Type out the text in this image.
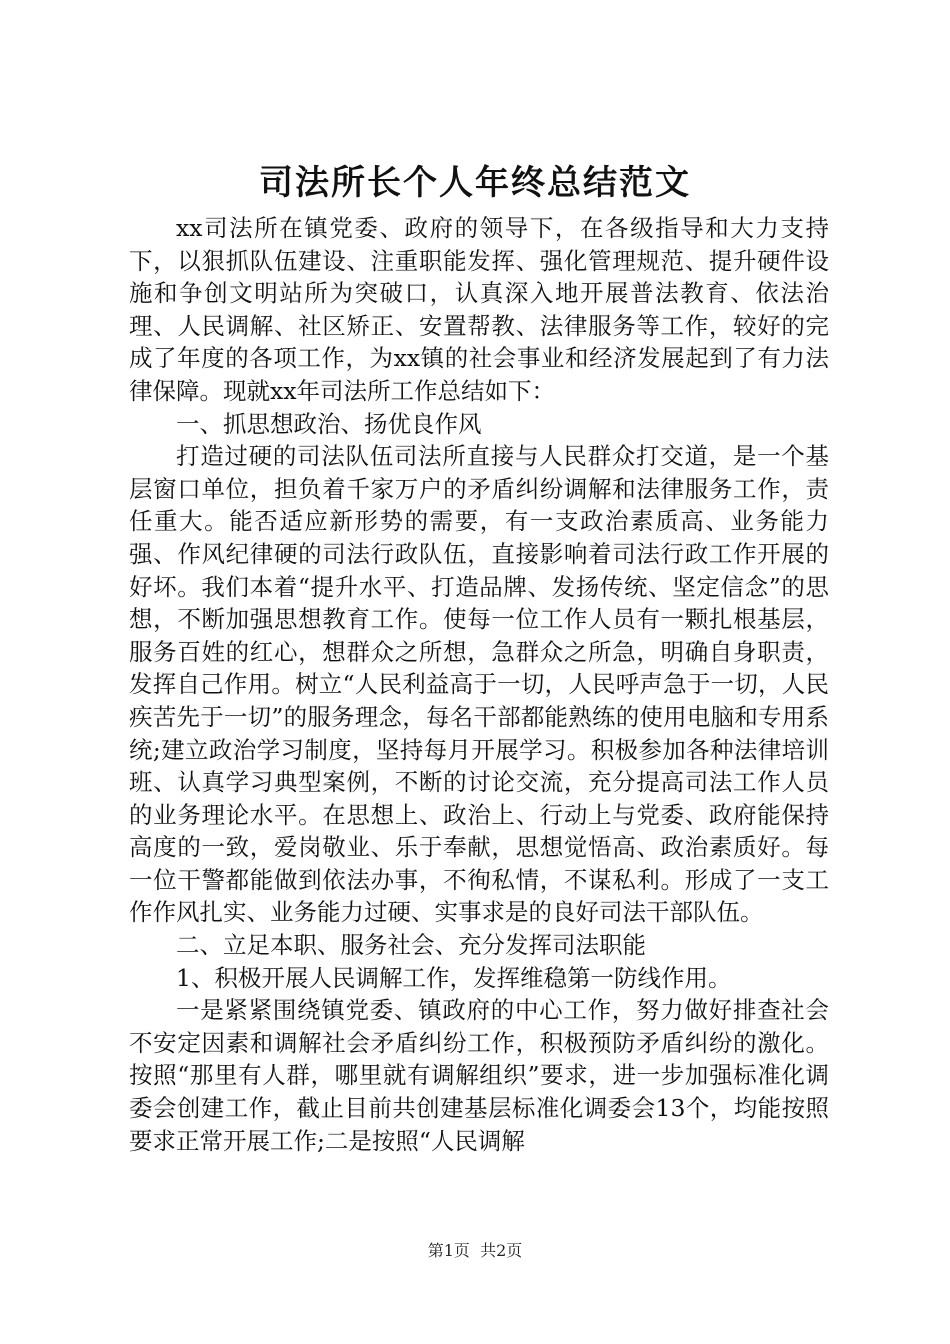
司法所长个人年终总结范文

xx司法所在镇党委、政府的领导下，在各级指导和大力支持下，以狠抓队伍建设、注重职能发挥、强化管理规范、提升硬件设施和争创文明站所为突破口，认真深入地开展普法教育、依法治理、人民调解、社区矫正、安置帮教、法律服务等工作，较好的完成了年度的各项工作，为xx镇的社会事业和经济发展起到了有力法律保障。现就xx年司法所工作总结如下：

一、抓思想政治、扬优良作风

打造过硬的司法队伍司法所直接与人民群众打交道，是一个基层窗口单位，担负着千家万户的矛盾纠纷调解和法律服务工作，责任重大。能否适应新形势的需要，有一支政治素质高、业务能力强、作风纪律硬的司法行政队伍，直接影响着司法行政工作开展的好坏。我们本着“提升水平、打造品牌、发扬传统、坚定信念”的思想，不断加强思想教育工作。使每一位工作人员有一颗扎根基层，服务百姓的红心，想群众之所想，急群众之所急，明确自身职责，发挥自己作用。树立“人民利益高于一切，人民呼声急于一切，人民疾苦先于一切”的服务理念，每名干部都能熟练的使用电脑和专用系统;建立政治学习制度，坚持每月开展学习。积极参加各种法律培训班、认真学习典型案例，不断的讨论交流，充分提高司法工作人员的业务理论水平。在思想上、政治上、行动上与党委、政府能保持高度的一致，爱岗敬业、乐于奉献，思想觉悟高、政治素质好。每一位干警都能做到依法办事，不徇私情，不谋私利。形成了一支工作作风扎实、业务能力过硬、实事求是的良好司法干部队伍。

二、立足本职、服务社会、充分发挥司法职能

1、积极开展人民调解工作，发挥维稳第一防线作用。

一是紧紧围绕镇党委、镇政府的中心工作，努力做好排查社会不安定因素和调解社会矛盾纠纷工作，积极预防矛盾纠纷的激化。按照“那里有人群，哪里就有调解组织”要求，进一步加强标准化调委会创建工作，截止目前共创建基层标准化调委会13个，均能按照要求正常开展工作;二是按照“人民调解

第1页  共2页
